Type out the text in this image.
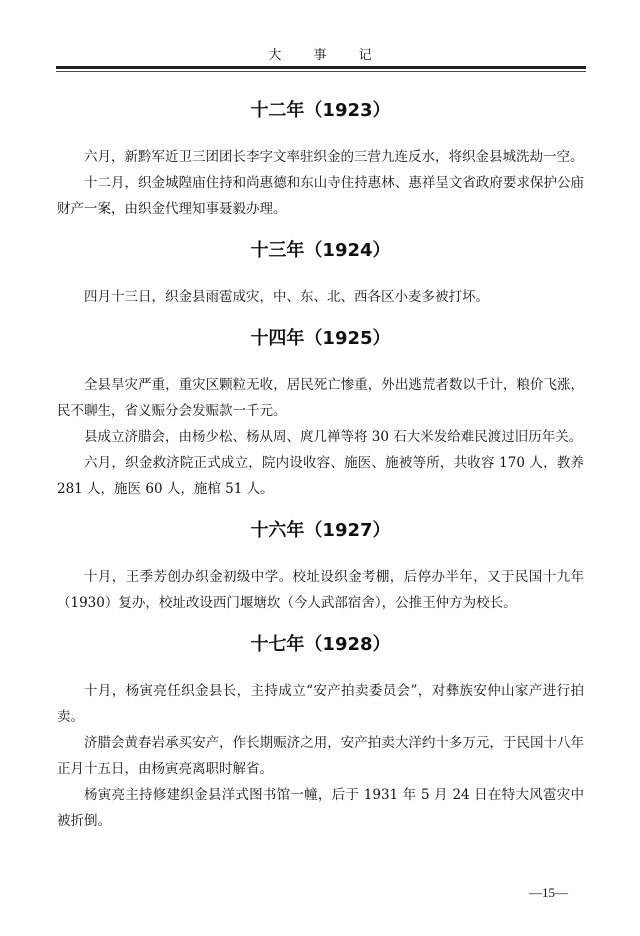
大 事 记
十二年（1923）

六月，新黔军近卫三团团长李字文率驻织金的三营九连反水，将织金县城洗劫一空。

十二月，织金城隍庙住持和尚惠德和东山寺住持惠林、惠祥呈文省政府要求保护公庙财产一案，由织金代理知事聂毅办理。

十三年（1924）

四月十三日，织金县雨雹成灾，中、东、北、西各区小麦多被打坏。

十四年（1925）

全县旱灾严重，重灾区颗粒无收，居民死亡惨重，外出逃荒者数以千计，粮价飞涨，民不聊生，省义赈分会发赈款一千元。

县成立济腊会，由杨少松、杨从周、庹几禅等将 30 石大米发给难民渡过旧历年关。

六月，织金救济院正式成立，院内设收容、施医、施被等所，共收容 170 人，教养 281 人，施医 60 人，施棺 51 人。

十六年（1927）

十月，王季芳创办织金初级中学。校址设织金考棚，后停办半年，又于民国十九年（1930）复办，校址改设西门堰塘坎（今人武部宿舍），公推王仲方为校长。

十七年（1928）

十月，杨寅亮任织金县长，主持成立“安产拍卖委员会”，对彝族安仲山家产进行拍卖。

济腊会黄春岩承买安产，作长期赈济之用，安产拍卖大洋约十多万元，于民国十八年正月十五日，由杨寅亮离职时解省。

杨寅亮主持修建织金县洋式图书馆一幢，后于 1931 年 5 月 24 日在特大风雹灾中被折倒。

—15—
